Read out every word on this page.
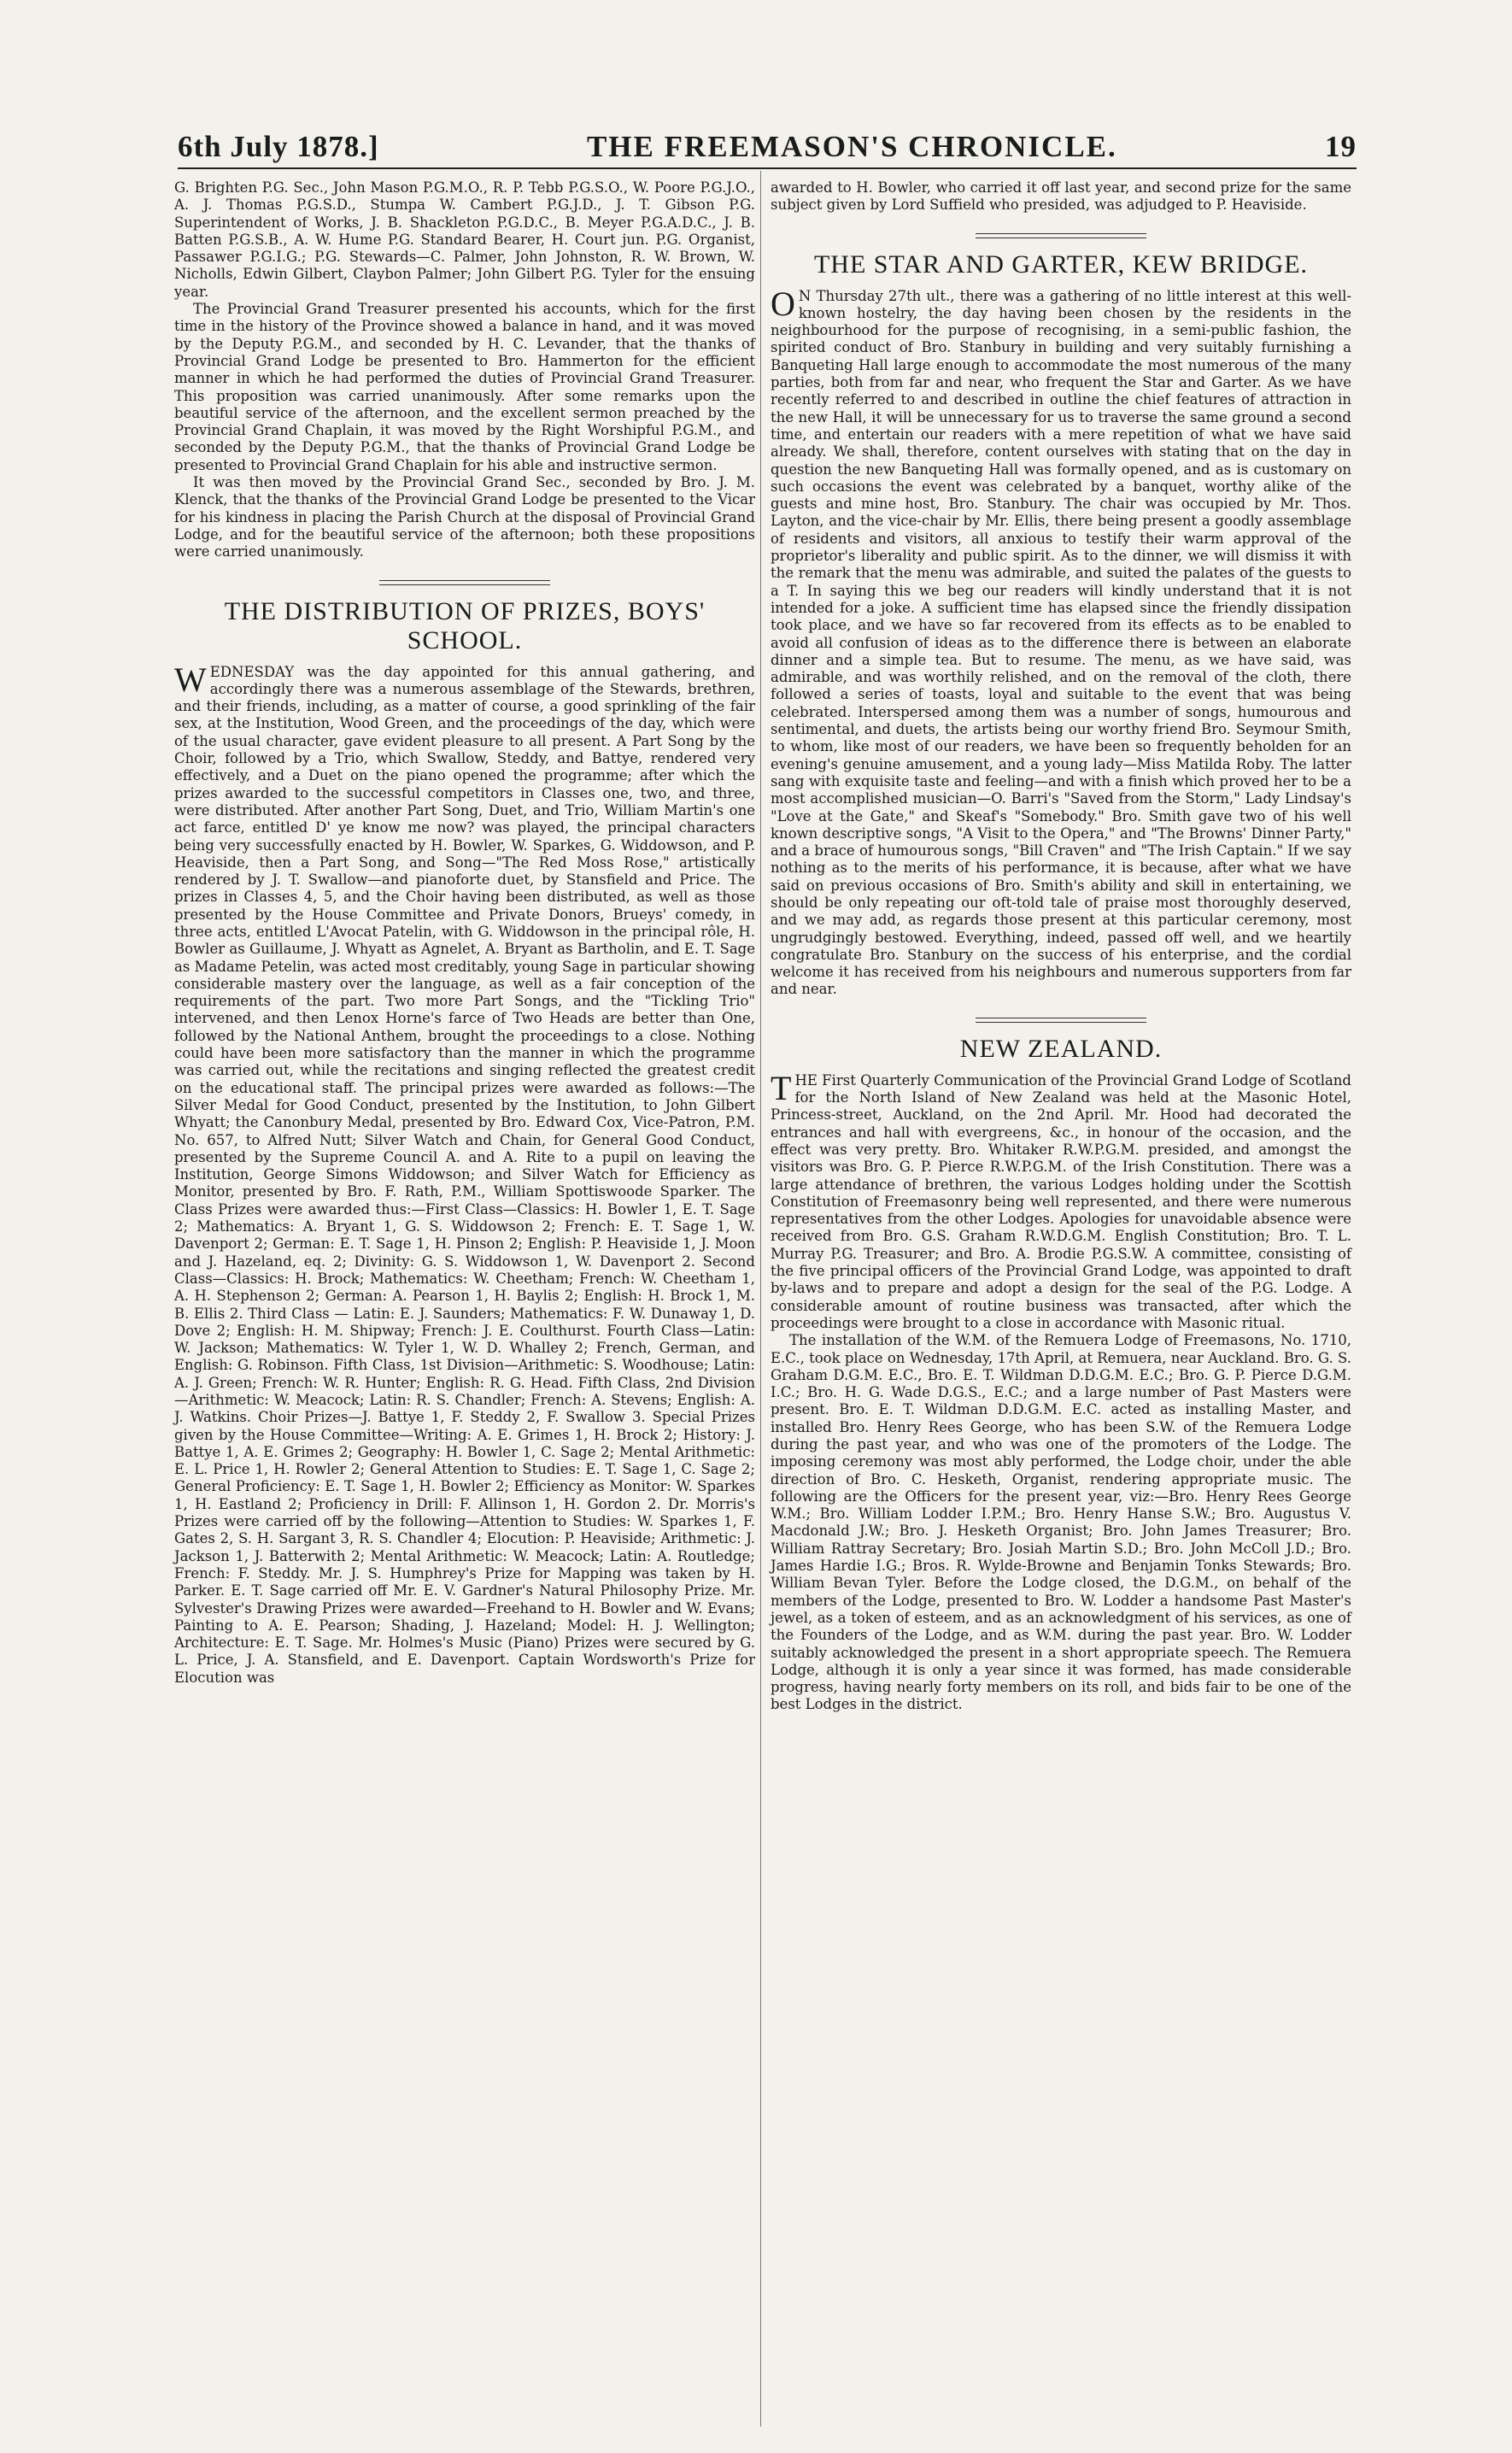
6th July 1878.]	THE FREEMASON'S CHRONICLE.	19

G. Brighten P.G. Sec., John Mason P.G.M.O., R. P. Tebb P.G.S.O., W. Poore P.G.J.O., A. J. Thomas P.G.S.D., Stumpa W. Cambert P.G.J.D., J. T. Gibson P.G. Superintendent of Works, J. B. Shackleton P.G.D.C., B. Meyer P.G.A.D.C., J. B. Batten P.G.S.B., A. W. Hume P.G. Standard Bearer, H. Court jun. P.G. Organist, Passawer P.G.I.G.; P.G. Stewards—C. Palmer, John Johnston, R. W. Brown, W. Nicholls, Edwin Gilbert, Claybon Palmer; John Gilbert P.G. Tyler for the ensuing year.

The Provincial Grand Treasurer presented his accounts, which for the first time in the history of the Province showed a balance in hand, and it was moved by the Deputy P.G.M., and seconded by H. C. Levander, that the thanks of Provincial Grand Lodge be presented to Bro. Hammerton for the efficient manner in which he had performed the duties of Provincial Grand Treasurer. This proposition was carried unanimously. After some remarks upon the beautiful service of the afternoon, and the excellent sermon preached by the Provincial Grand Chaplain, it was moved by the Right Worshipful P.G.M., and seconded by the Deputy P.G.M., that the thanks of Provincial Grand Lodge be presented to Provincial Grand Chaplain for his able and instructive sermon.

It was then moved by the Provincial Grand Sec., seconded by Bro. J. M. Klenck, that the thanks of the Provincial Grand Lodge be presented to the Vicar for his kindness in placing the Parish Church at the disposal of Provincial Grand Lodge, and for the beautiful service of the afternoon; both these propositions were carried unanimously.

THE DISTRIBUTION OF PRIZES, BOYS' SCHOOL.

WEDNESDAY was the day appointed for this annual gathering, and accordingly there was a numerous assemblage of the Stewards, brethren, and their friends, including, as a matter of course, a good sprinkling of the fair sex, at the Institution, Wood Green, and the proceedings of the day, which were of the usual character, gave evident pleasure to all present. A Part Song by the Choir, followed by a Trio, which Swallow, Steddy, and Battye, rendered very effectively, and a Duet on the piano opened the programme; after which the prizes awarded to the successful competitors in Classes one, two, and three, were distributed. After another Part Song, Duet, and Trio, William Martin's one act farce, entitled D' ye know me now? was played, the principal characters being very successfully enacted by H. Bowler, W. Sparkes, G. Widdowson, and P. Heaviside, then a Part Song, and Song—"The Red Moss Rose," artistically rendered by J. T. Swallow—and pianoforte duet, by Stansfield and Price. The prizes in Classes 4, 5, and the Choir having been distributed, as well as those presented by the House Committee and Private Donors, Brueys' comedy, in three acts, entitled L'Avocat Patelin, with G. Widdowson in the principal rôle, H. Bowler as Guillaume, J. Whyatt as Agnelet, A. Bryant as Bartholin, and E. T. Sage as Madame Petelin, was acted most creditably, young Sage in particular showing considerable mastery over the language, as well as a fair conception of the requirements of the part. Two more Part Songs, and the "Tickling Trio" intervened, and then Lenox Horne's farce of Two Heads are better than One, followed by the National Anthem, brought the proceedings to a close. Nothing could have been more satisfactory than the manner in which the programme was carried out, while the recitations and singing reflected the greatest credit on the educational staff. The principal prizes were awarded as follows:—The Silver Medal for Good Conduct, presented by the Institution, to John Gilbert Whyatt; the Canonbury Medal, presented by Bro. Edward Cox, Vice-Patron, P.M. No. 657, to Alfred Nutt; Silver Watch and Chain, for General Good Conduct, presented by the Supreme Council A. and A. Rite to a pupil on leaving the Institution, George Simons Widdowson; and Silver Watch for Efficiency as Monitor, presented by Bro. F. Rath, P.M., William Spottiswoode Sparker. The Class Prizes were awarded thus:—First Class—Classics: H. Bowler 1, E. T. Sage 2; Mathematics: A. Bryant 1, G. S. Widdowson 2; French: E. T. Sage 1, W. Davenport 2; German: E. T. Sage 1, H. Pinson 2; English: P. Heaviside 1, J. Moon and J. Hazeland, eq. 2; Divinity: G. S. Widdowson 1, W. Davenport 2. Second Class—Classics: H. Brock; Mathematics: W. Cheetham; French: W. Cheetham 1, A. H. Stephenson 2; German: A. Pearson 1, H. Baylis 2; English: H. Brock 1, M. B. Ellis 2. Third Class — Latin: E. J. Saunders; Mathematics: F. W. Dunaway 1, D. Dove 2; English: H. M. Shipway; French: J. E. Coulthurst. Fourth Class—Latin: W. Jackson; Mathematics: W. Tyler 1, W. D. Whalley 2; French, German, and English: G. Robinson. Fifth Class, 1st Division—Arithmetic: S. Woodhouse; Latin: A. J. Green; French: W. R. Hunter; English: R. G. Head. Fifth Class, 2nd Division—Arithmetic: W. Meacock; Latin: R. S. Chandler; French: A. Stevens; English: A. J. Watkins. Choir Prizes—J. Battye 1, F. Steddy 2, F. Swallow 3. Special Prizes given by the House Committee—Writing: A. E. Grimes 1, H. Brock 2; History: J. Battye 1, A. E. Grimes 2; Geography: H. Bowler 1, C. Sage 2; Mental Arithmetic: E. L. Price 1, H. Rowler 2; General Attention to Studies: E. T. Sage 1, C. Sage 2; General Proficiency: E. T. Sage 1, H. Bowler 2; Efficiency as Monitor: W. Sparkes 1, H. Eastland 2; Proficiency in Drill: F. Allinson 1, H. Gordon 2. Dr. Morris's Prizes were carried off by the following—Attention to Studies: W. Sparkes 1, F. Gates 2, S. H. Sargant 3, R. S. Chandler 4; Elocution: P. Heaviside; Arithmetic: J. Jackson 1, J. Batterwith 2; Mental Arithmetic: W. Meacock; Latin: A. Routledge; French: F. Steddy. Mr. J. S. Humphrey's Prize for Mapping was taken by H. Parker. E. T. Sage carried off Mr. E. V. Gardner's Natural Philosophy Prize. Mr. Sylvester's Drawing Prizes were awarded—Freehand to H. Bowler and W. Evans; Painting to A. E. Pearson; Shading, J. Hazeland; Model: H. J. Wellington; Architecture: E. T. Sage. Mr. Holmes's Music (Piano) Prizes were secured by G. L. Price, J. A. Stansfield, and E. Davenport. Captain Wordsworth's Prize for Elocution was

awarded to H. Bowler, who carried it off last year, and second prize for the same subject given by Lord Suffield who presided, was adjudged to P. Heaviside.

THE STAR AND GARTER, KEW BRIDGE.

O N Thursday 27th ult., there was a gathering of no little interest at this well-known hostelry, the day having been chosen by the residents in the neighbourhood for the purpose of recognising, in a semi-public fashion, the spirited conduct of Bro. Stanbury in building and very suitably furnishing a Banqueting Hall large enough to accommodate the most numerous of the many parties, both from far and near, who frequent the Star and Garter. As we have recently referred to and described in outline the chief features of attraction in the new Hall, it will be unnecessary for us to traverse the same ground a second time, and entertain our readers with a mere repetition of what we have said already. We shall, therefore, content ourselves with stating that on the day in question the new Banqueting Hall was formally opened, and as is customary on such occasions the event was celebrated by a banquet, worthy alike of the guests and mine host, Bro. Stanbury. The chair was occupied by Mr. Thos. Layton, and the vice-chair by Mr. Ellis, there being present a goodly assemblage of residents and visitors, all anxious to testify their warm approval of the proprietor's liberality and public spirit. As to the dinner, we will dismiss it with the remark that the menu was admirable, and suited the palates of the guests to a T. In saying this we beg our readers will kindly understand that it is not intended for a joke. A sufficient time has elapsed since the friendly dissipation took place, and we have so far recovered from its effects as to be enabled to avoid all confusion of ideas as to the difference there is between an elaborate dinner and a simple tea. But to resume. The menu, as we have said, was admirable, and was worthily relished, and on the removal of the cloth, there followed a series of toasts, loyal and suitable to the event that was being celebrated. Interspersed among them was a number of songs, humourous and sentimental, and duets, the artists being our worthy friend Bro. Seymour Smith, to whom, like most of our readers, we have been so frequently beholden for an evening's genuine amusement, and a young lady—Miss Matilda Roby. The latter sang with exquisite taste and feeling—and with a finish which proved her to be a most accomplished musician—O. Barri's "Saved from the Storm," Lady Lindsay's "Love at the Gate," and Skeaf's "Somebody." Bro. Smith gave two of his well known descriptive songs, "A Visit to the Opera," and "The Browns' Dinner Party," and a brace of humourous songs, "Bill Craven" and "The Irish Captain." If we say nothing as to the merits of his performance, it is because, after what we have said on previous occasions of Bro. Smith's ability and skill in entertaining, we should be only repeating our oft-told tale of praise most thoroughly deserved, and we may add, as regards those present at this particular ceremony, most ungrudgingly bestowed. Everything, indeed, passed off well, and we heartily congratulate Bro. Stanbury on the success of his enterprise, and the cordial welcome it has received from his neighbours and numerous supporters from far and near.

NEW ZEALAND.

THE First Quarterly Communication of the Provincial Grand Lodge of Scotland for the North Island of New Zealand was held at the Masonic Hotel, Princess-street, Auckland, on the 2nd April. Mr. Hood had decorated the entrances and hall with evergreens, &c., in honour of the occasion, and the effect was very pretty. Bro. Whitaker R.W.P.G.M. presided, and amongst the visitors was Bro. G. P. Pierce R.W.P.G.M. of the Irish Constitution. There was a large attendance of brethren, the various Lodges holding under the Scottish Constitution of Freemasonry being well represented, and there were numerous representatives from the other Lodges. Apologies for unavoidable absence were received from Bro. G.S. Graham R.W.D.G.M. English Constitution; Bro. T. L. Murray P.G. Treasurer; and Bro. A. Brodie P.G.S.W. A committee, consisting of the five principal officers of the Provincial Grand Lodge, was appointed to draft by-laws and to prepare and adopt a design for the seal of the P.G. Lodge. A considerable amount of routine business was transacted, after which the proceedings were brought to a close in accordance with Masonic ritual.

The installation of the W.M. of the Remuera Lodge of Freemasons, No. 1710, E.C., took place on Wednesday, 17th April, at Remuera, near Auckland. Bro. G. S. Graham D.G.M. E.C., Bro. E. T. Wildman D.D.G.M. E.C.; Bro. G. P. Pierce D.G.M. I.C.; Bro. H. G. Wade D.G.S., E.C.; and a large number of Past Masters were present. Bro. E. T. Wildman D.D.G.M. E.C. acted as installing Master, and installed Bro. Henry Rees George, who has been S.W. of the Remuera Lodge during the past year, and who was one of the promoters of the Lodge. The imposing ceremony was most ably performed, the Lodge choir, under the able direction of Bro. C. Hesketh, Organist, rendering appropriate music. The following are the Officers for the present year, viz:—Bro. Henry Rees George W.M.; Bro. William Lodder I.P.M.; Bro. Henry Hanse S.W.; Bro. Augustus V. Macdonald J.W.; Bro. J. Hesketh Organist; Bro. John James Treasurer; Bro. William Rattray Secretary; Bro. Josiah Martin S.D.; Bro. John McColl J.D.; Bro. James Hardie I.G.; Bros. R. Wylde-Browne and Benjamin Tonks Stewards; Bro. William Bevan Tyler. Before the Lodge closed, the D.G.M., on behalf of the members of the Lodge, presented to Bro. W. Lodder a handsome Past Master's jewel, as a token of esteem, and as an acknowledgment of his services, as one of the Founders of the Lodge, and as W.M. during the past year. Bro. W. Lodder suitably acknowledged the present in a short appropriate speech. The Remuera Lodge, although it is only a year since it was formed, has made considerable progress, having nearly forty members on its roll, and bids fair to be one of the best Lodges in the district.
